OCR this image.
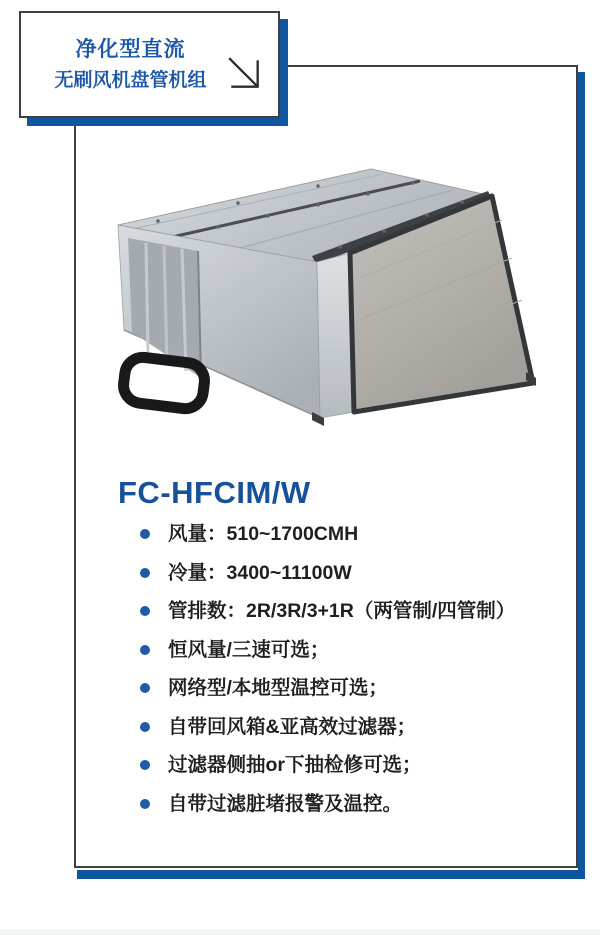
净化型直流
无刷风机盘管机组
FC-HFCIM/W
风量：510~1700CMH
冷量：3400~11100W
管排数：2R/3R/3+1R（两管制/四管制）
恒风量/三速可选；
网络型/本地型温控可选；
自带回风箱&亚高效过滤器；
过滤器侧抽or下抽检修可选；
自带过滤脏堵报警及温控。
